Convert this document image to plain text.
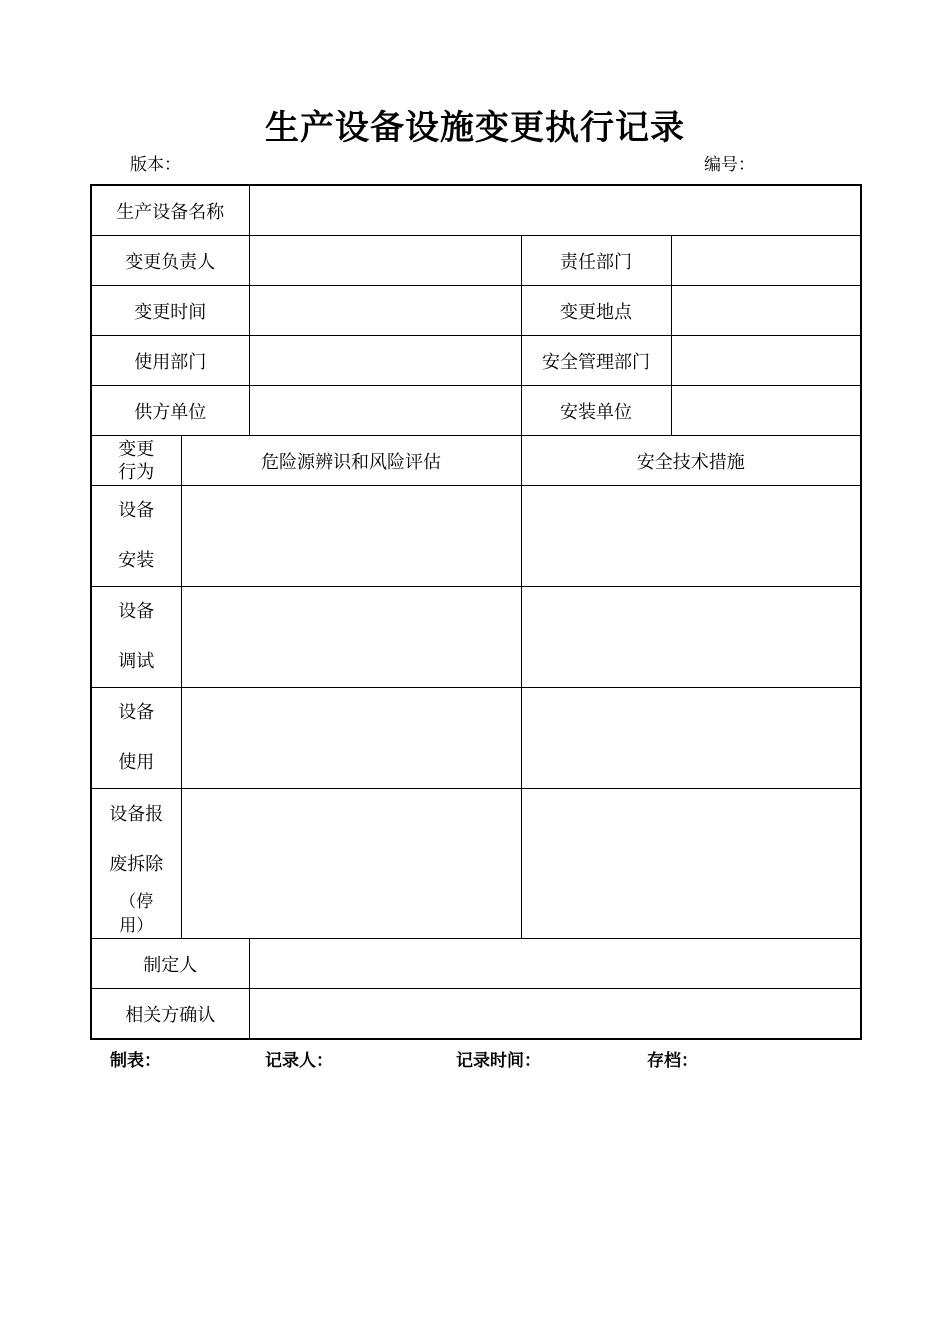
生产设备设施变更执行记录
版本：	编号：
生产设备名称				
变更负责人			责任部门	
变更时间			变更地点	
使用部门			安全管理部门	
供方单位			安装单位	

变更
行为	危险源辨识和风险评估		安全技术措施	

设备
安装				

设备
调试				

设备
使用				

设备报
废拆除
（停
用）				

制定人				
相关方确认				
制表：	记录人：	记录时间：	存档：
